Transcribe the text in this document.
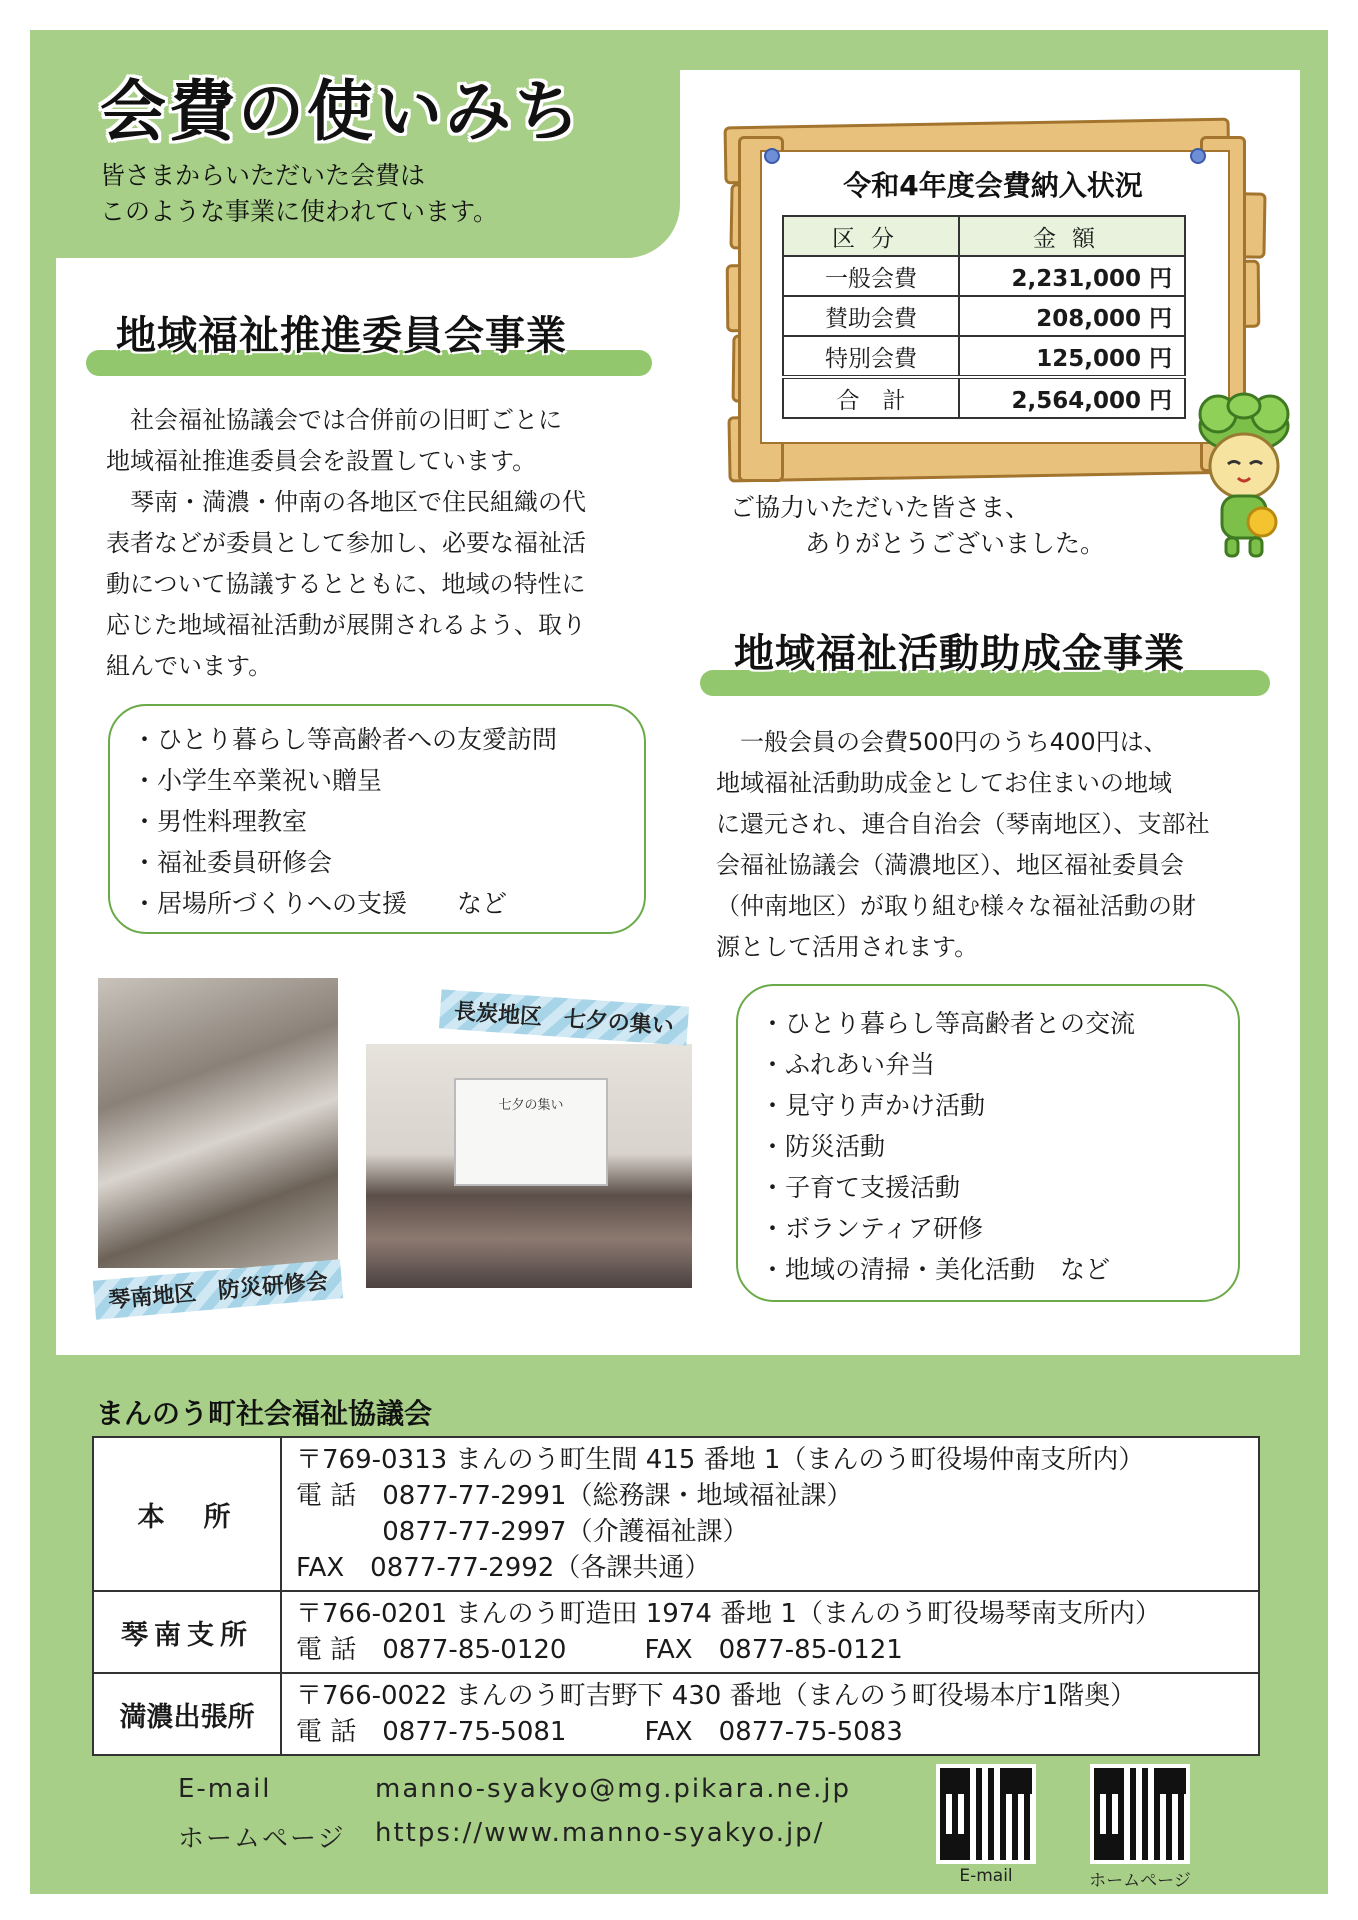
会費の使いみち
皆さまからいただいた会費は
このような事業に使われています。
地域福祉推進委員会事業
　社会福祉協議会では合併前の旧町ごとに
地域福祉推進委員会を設置しています。
　琴南・満濃・仲南の各地区で住民組織の代
表者などが委員として参加し、必要な福祉活
動について協議するとともに、地域の特性に
応じた地域福祉活動が展開されるよう、取り
組んでいます。
・ひとり暮らし等高齢者への友愛訪問
・小学生卒業祝い贈呈
・男性料理教室
・福祉委員研修会
・居場所づくりへの支援　　など
令和4年度会費納入状況
区分	金額
一般会費	2,231,000 円
賛助会費	208,000 円
特別会費	125,000 円
合　計	2,564,000 円
ご協力いただいた皆さま、
　　　ありがとうございました。
地域福祉活動助成金事業
　一般会員の会費500円のうち400円は、
地域福祉活動助成金としてお住まいの地域
に還元され、連合自治会（琴南地区）、支部社
会福祉協議会（満濃地区）、地区福祉委員会
（仲南地区）が取り組む様々な福祉活動の財
源として活用されます。
・ひとり暮らし等高齢者との交流
・ふれあい弁当
・見守り声かけ活動
・防災活動
・子育て支援活動
・ボランティア研修
・地域の清掃・美化活動　など
七夕の集い
長炭地区　七夕の集い
琴南地区　防災研修会
まんのう町社会福祉協議会
本　所	〒769-0313 まんのう町生間 415 番地 1（まんのう町役場仲南支所内）
電 話　0877-77-2991（総務課・地域福祉課）
　　　 0877-77-2997（介護福祉課）
FAX　0877-77-2992（各課共通）

琴南支所	〒766-0201 まんのう町造田 1974 番地 1（まんのう町役場琴南支所内）
電 話　0877-85-0120　　　FAX　0877-85-0121

満濃出張所	〒766-0022 まんのう町吉野下 430 番地（まんのう町役場本庁1階奥）
電 話　0877-75-5081　　　FAX　0877-75-5083
E-mail	manno-syakyo@mg.pikara.ne.jp
ホームページ https://www.manno-syakyo.jp/
E-mail	ホームページ
